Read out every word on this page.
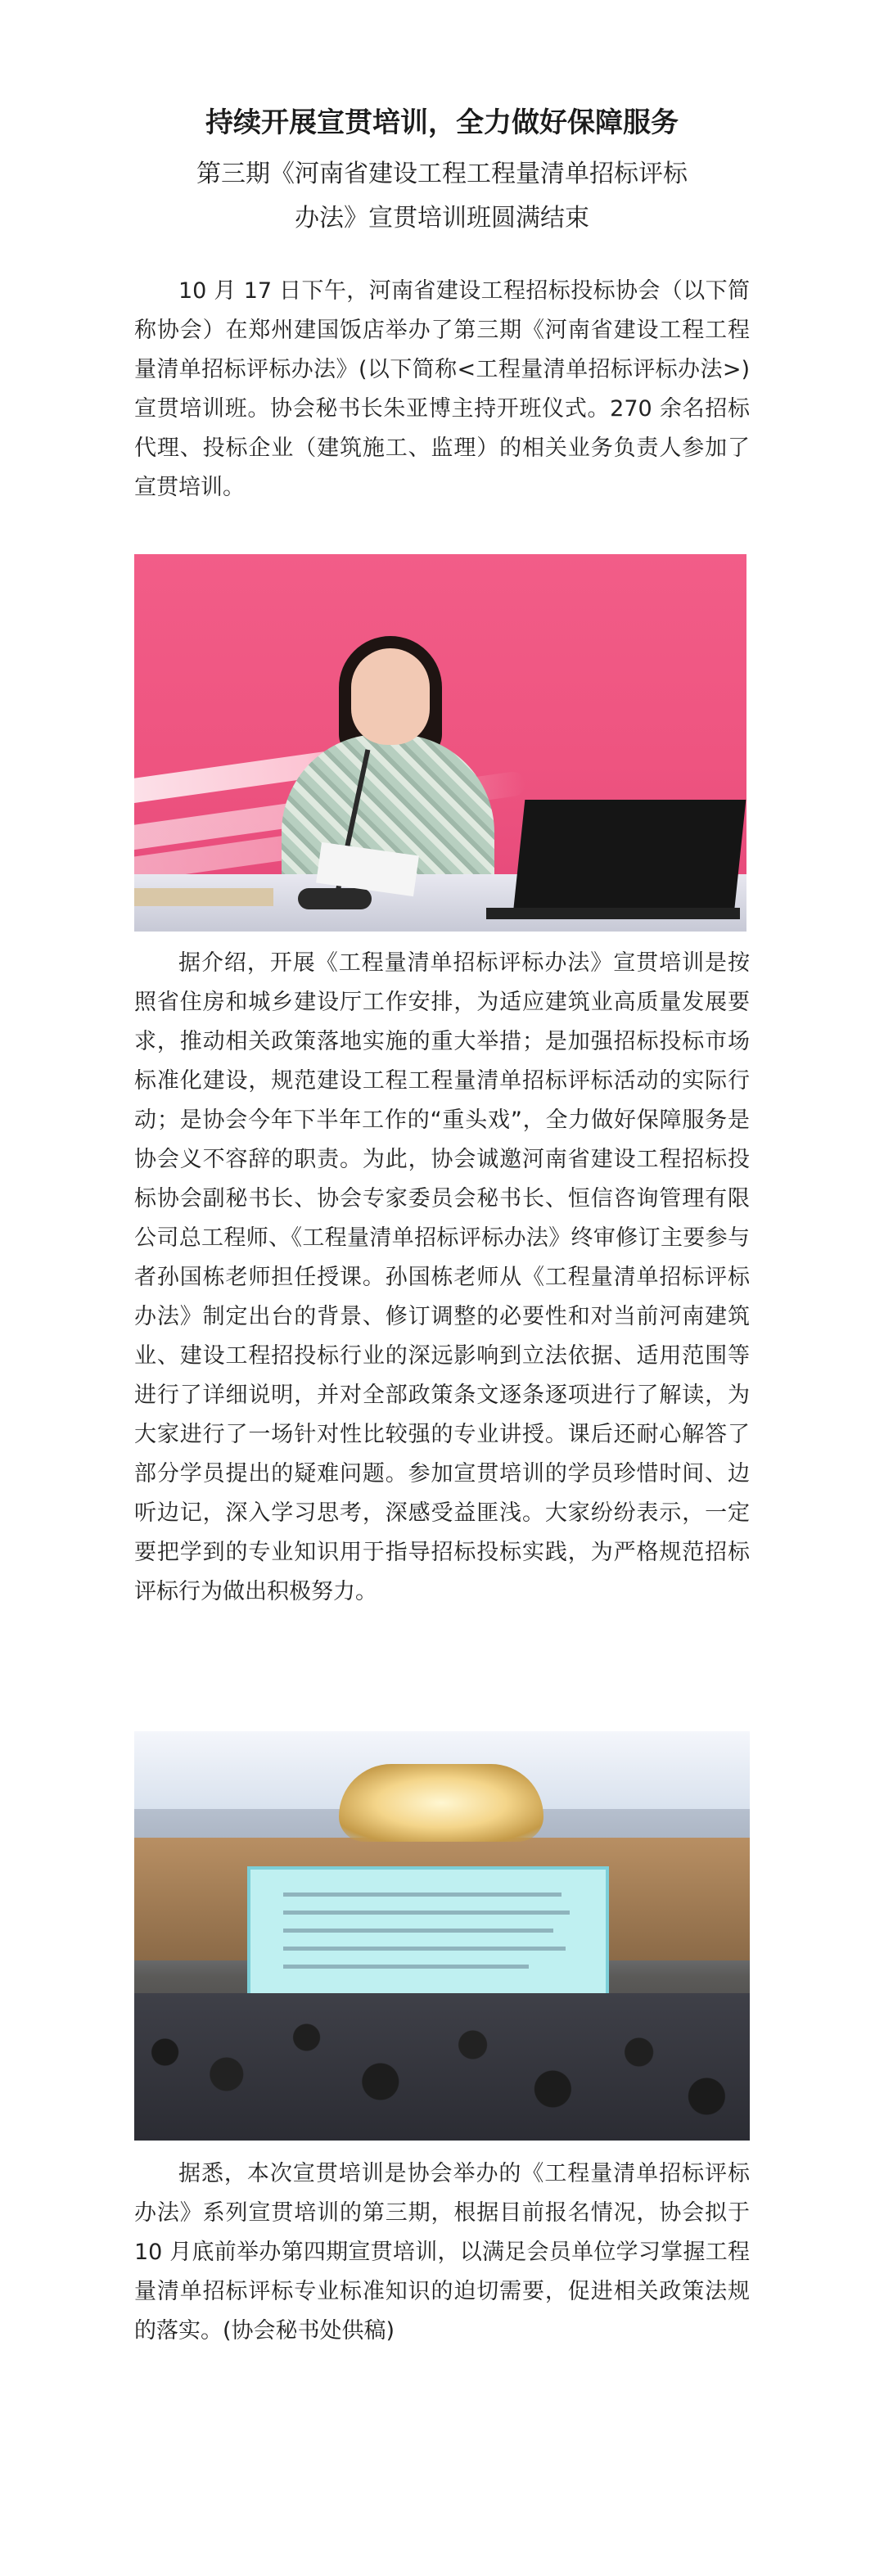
持续开展宣贯培训，全力做好保障服务
第三期《河南省建设工程工程量清单招标评标
办法》宣贯培训班圆满结束

10 月 17 日下午，河南省建设工程招标投标协会（以下简称协会）在郑州建国饭店举办了第三期《河南省建设工程工程量清单招标评标办法》(以下简称<工程量清单招标评标办法>)宣贯培训班。协会秘书长朱亚博主持开班仪式。270 余名招标代理、投标企业（建筑施工、监理）的相关业务负责人参加了宣贯培训。

据介绍，开展《工程量清单招标评标办法》宣贯培训是按照省住房和城乡建设厅工作安排，为适应建筑业高质量发展要求，推动相关政策落地实施的重大举措；是加强招标投标市场标准化建设，规范建设工程工程量清单招标评标活动的实际行动；是协会今年下半年工作的“重头戏”，全力做好保障服务是协会义不容辞的职责。为此，协会诚邀河南省建设工程招标投标协会副秘书长、协会专家委员会秘书长、恒信咨询管理有限公司总工程师、《工程量清单招标评标办法》终审修订主要参与者孙国栋老师担任授课。孙国栋老师从《工程量清单招标评标办法》制定出台的背景、修订调整的必要性和对当前河南建筑业、建设工程招投标行业的深远影响到立法依据、适用范围等进行了详细说明，并对全部政策条文逐条逐项进行了解读，为大家进行了一场针对性比较强的专业讲授。课后还耐心解答了部分学员提出的疑难问题。参加宣贯培训的学员珍惜时间、边听边记，深入学习思考，深感受益匪浅。大家纷纷表示，一定要把学到的专业知识用于指导招标投标实践，为严格规范招标评标行为做出积极努力。

据悉，本次宣贯培训是协会举办的《工程量清单招标评标办法》系列宣贯培训的第三期，根据目前报名情况，协会拟于 10 月底前举办第四期宣贯培训，以满足会员单位学习掌握工程量清单招标评标专业标准知识的迫切需要，促进相关政策法规的落实。(协会秘书处供稿)
